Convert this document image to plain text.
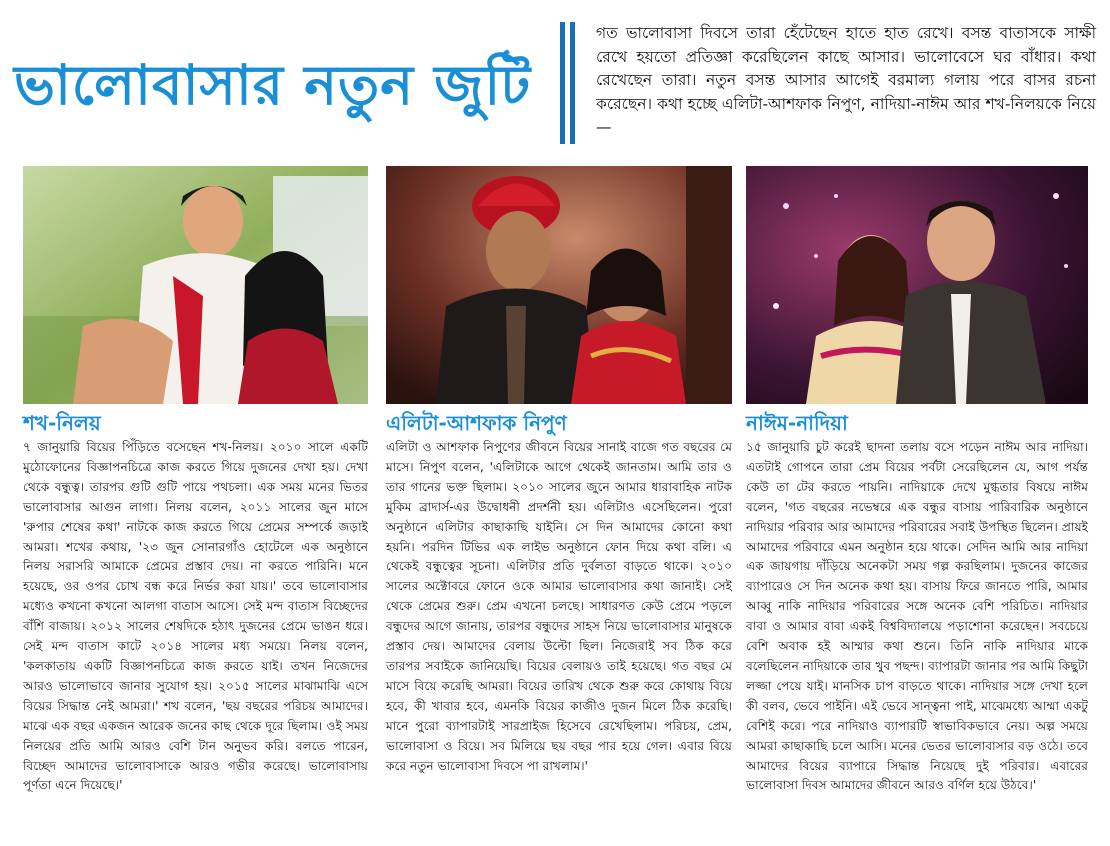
ভালোবাসার নতুন জুটি
গত ভালোবাসা দিবসে তারা হেঁটেছেন হাতে হাত রেখে। বসন্ত বাতাসকে সাক্ষী রেখে হয়তো প্রতিজ্ঞা করেছিলেন কাছে আসার। ভালোবেসে ঘর বাঁধার। কথা রেখেছেন তারা। নতুন বসন্ত আসার আগেই বরমাল্য গলায় পরে বাসর রচনা করেছেন। কথা হচ্ছে এলিটা-আশফাক নিপুণ, নাদিয়া-নাঈম আর শখ-নিলয়কে নিয়ে—
শখ-নিলয়

৭ জানুয়ারি বিয়ের পিঁড়িতে বসেছেন শখ-নিলয়। ২০১০ সালে একটি মুঠোফোনের বিজ্ঞাপনচিত্রে কাজ করতে গিয়ে দুজনের দেখা হয়। দেখা থেকে বন্ধুত্ব। তারপর গুটি গুটি পায়ে পথচলা। এক সময় মনের ভিতর ভালোবাসার আগুন লাগা। নিলয় বলেন, ২০১১ সালের জুন মাসে 'রুপার শেষের কথা' নাটকে কাজ করতে গিয়ে প্রেমের সম্পর্কে জড়াই আমরা। শখের কথায়, '২৩ জুন সোনারগাঁও হোটেলে এক অনুষ্ঠানে নিলয় সরাসরি আমাকে প্রেমের প্রস্তাব দেয়। না করতে পারিনি। মনে হয়েছে, ওর ওপর চোখ বন্ধ করে নির্ভর করা যায়।' তবে ভালোবাসার মধ্যেও কখনো কখনো আলগা বাতাস আসে। সেই মন্দ বাতাস বিচ্ছেদের বাঁশি বাজায়। ২০১২ সালের শেষদিকে হঠাৎ দুজনের প্রেমে ভাঙন ধরে। সেই মন্দ বাতাস কাটে ২০১৪ সালের মধ্য সময়ে। নিলয় বলেন, 'কলকাতায় একটি বিজ্ঞাপনচিত্রে কাজ করতে যাই। তখন নিজেদের আরও ভালোভাবে জানার সুযোগ হয়। ২০১৫ সালের মাঝামাঝি এসে বিয়ের সিদ্ধান্ত নেই আমরা।' শখ বলেন, 'ছয় বছরের পরিচয় আমাদের। মাঝে এক বছর একজন আরেক জনের কাছ থেকে দূরে ছিলাম। ওই সময় নিলয়ের প্রতি আমি আরও বেশি টান অনুভব করি। বলতে পারেন, বিচ্ছেদ আমাদের ভালোবাসাকে আরও গভীর করেছে। ভালোবাসায় পূর্ণতা এনে দিয়েছে।'

এলিটা-আশফাক নিপুণ

এলিটা ও আশফাক নিপুণের জীবনে বিয়ের সানাই বাজে গত বছরের মে মাসে। নিপুণ বলেন, 'এলিটাকে আগে থেকেই জানতাম। আমি তার ও তার গানের ভক্ত ছিলাম। ২০১০ সালের জুনে আমার ধারাবাহিক নাটক মুকিম ব্রাদার্স-এর উদ্বোধনী প্রদর্শনী হয়। এলিটাও এসেছিলেন। পুরো অনুষ্ঠানে এলিটার কাছাকাছি যাইনি। সে দিন আমাদের কোনো কথা হয়নি। পরদিন টিভির এক লাইভ অনুষ্ঠানে ফোন দিয়ে কথা বলি। এ থেকেই বন্ধুত্বের সূচনা। এলিটার প্রতি দুর্বলতা বাড়তে থাকে। ২০১০ সালের অক্টোবরে ফোনে ওকে আমার ভালোবাসার কথা জানাই। সেই থেকে প্রেমের শুরু। প্রেম এখনো চলছে। সাধারণত কেউ প্রেমে পড়লে বন্ধুদের আগে জানায়, তারপর বন্ধুদের সাহস নিয়ে ভালোবাসার মানুষকে প্রস্তাব দেয়। আমাদের বেলায় উল্টো ছিল। নিজেরাই সব ঠিক করে তারপর সবাইকে জানিয়েছি। বিয়ের বেলায়ও তাই হয়েছে। গত বছর মে মাসে বিয়ে করেছি আমরা। বিয়ের তারিখ থেকে শুরু করে কোথায় বিয়ে হবে, কী খাবার হবে, এমনকি বিয়ের কাজীও দুজন মিলে ঠিক করেছি। মানে পুরো ব্যাপারটাই সারপ্রাইজ হিসেবে রেখেছিলাম। পরিচয়, প্রেম, ভালোবাসা ও বিয়ে। সব মিলিয়ে ছয় বছর পার হয়ে গেল। এবার বিয়ে করে নতুন ভালোবাসা দিবসে পা রাখলাম।'

নাঈম-নাদিয়া

১৫ জানুয়ারি চুট করেই ছাদনা তলায় বসে পড়েন নাঈম আর নাদিয়া। এতটাই গোপনে তারা প্রেম বিয়ের পর্বটা সেরেছিলেন যে, আগ পর্যন্ত কেউ তা টের করতে পায়নি। নাদিয়াকে দেখে মুগ্ধতার বিষয়ে নাঈম বলেন, 'গত বছরের নভেম্বরে এক বন্ধুর বাসায় পারিবারিক অনুষ্ঠানে নাদিয়ার পরিবার আর আমাদের পরিবারের সবাই উপস্থিত ছিলেন। প্রায়ই আমাদের পরিবারে এমন অনুষ্ঠান হয়ে থাকে। সেদিন আমি আর নাদিয়া এক জায়গায় দাঁড়িয়ে অনেকটা সময় গল্প করছিলাম। দুজনের কাজের ব্যাপারেও সে দিন অনেক কথা হয়। বাসায় ফিরে জানতে পারি, আমার আব্বু নাকি নাদিয়ার পরিবারের সঙ্গে অনেক বেশি পরিচিত। নাদিয়ার বাবা ও আমার বাবা একই বিশ্ববিদ্যালয়ে পড়াশোনা করেছেন। সবচেয়ে বেশি অবাক হই আম্মার কথা শুনে। তিনি নাকি নাদিয়ার মাকে বলেছিলেন নাদিয়াকে তার খুব পছন্দ। ব্যাপারটা জানার পর আমি কিছুটা লজ্জা পেয়ে যাই। মানসিক চাপ বাড়তে থাকে। নাদিয়ার সঙ্গে দেখা হলে কী বলব, ভেবে পাইনি। এই ভেবে সান্ত্বনা পাই, মাঝেমধ্যে আম্মা একটু বেশিই করে। পরে নাদিয়াও ব্যাপারটি স্বাভাবিকভাবে নেয়। অল্প সময়ে আমরা কাছাকাছি চলে আসি। মনের ভেতর ভালোবাসার বড় ওঠে। তবে আমাদের বিয়ের ব্যাপারে সিদ্ধান্ত নিয়েছে দুই পরিবার। এবারের ভালোবাসা দিবস আমাদের জীবনে আরও বর্ণিল হয়ে উঠবে।'
